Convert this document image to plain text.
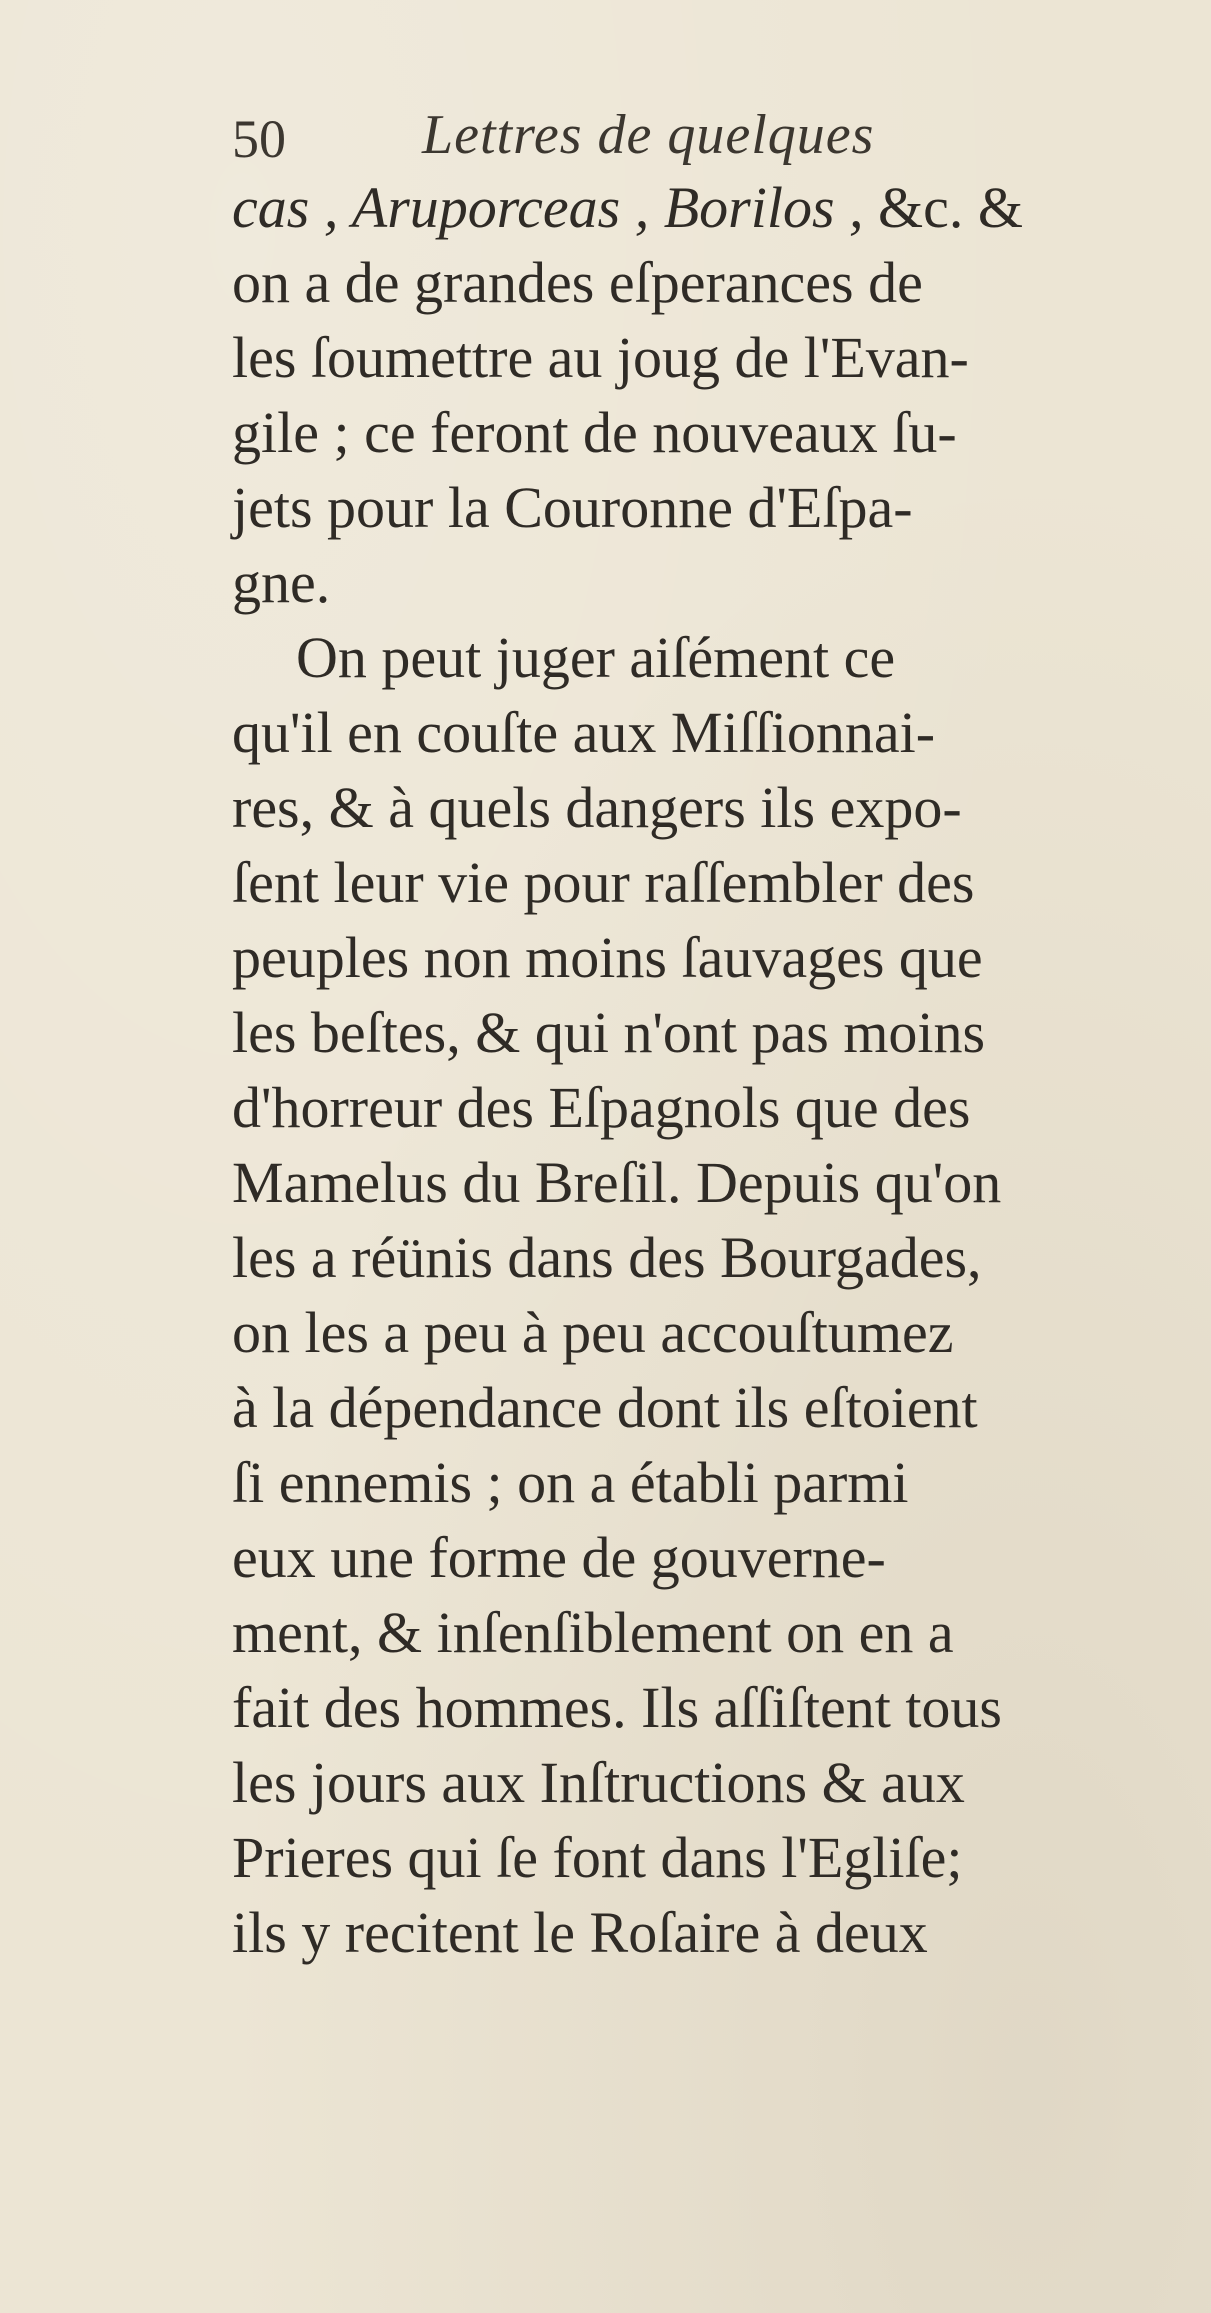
50 Lettres de quelques
cas , Aruporceas , Borilos , &c. &
on a de grandes eſperances de
les ſoumettre au joug de l'Evan-
gile ; ce feront de nouveaux ſu-
jets pour la Couronne d'Eſpa-
gne.
On peut juger aiſément ce
qu'il en couſte aux Miſſionnai-
res, & à quels dangers ils expo-
ſent leur vie pour raſſembler des
peuples non moins ſauvages que
les beſtes, & qui n'ont pas moins
d'horreur des Eſpagnols que des
Mamelus du Breſil. Depuis qu'on
les a réünis dans des Bourgades,
on les a peu à peu accouſtumez
à la dépendance dont ils eſtoient
ſi ennemis ; on a établi parmi
eux une forme de gouverne-
ment, & inſenſiblement on en a
fait des hommes. Ils aſſiſtent tous
les jours aux Inſtructions & aux
Prieres qui ſe font dans l'Egliſe;
ils y recitent le Roſaire à deux
